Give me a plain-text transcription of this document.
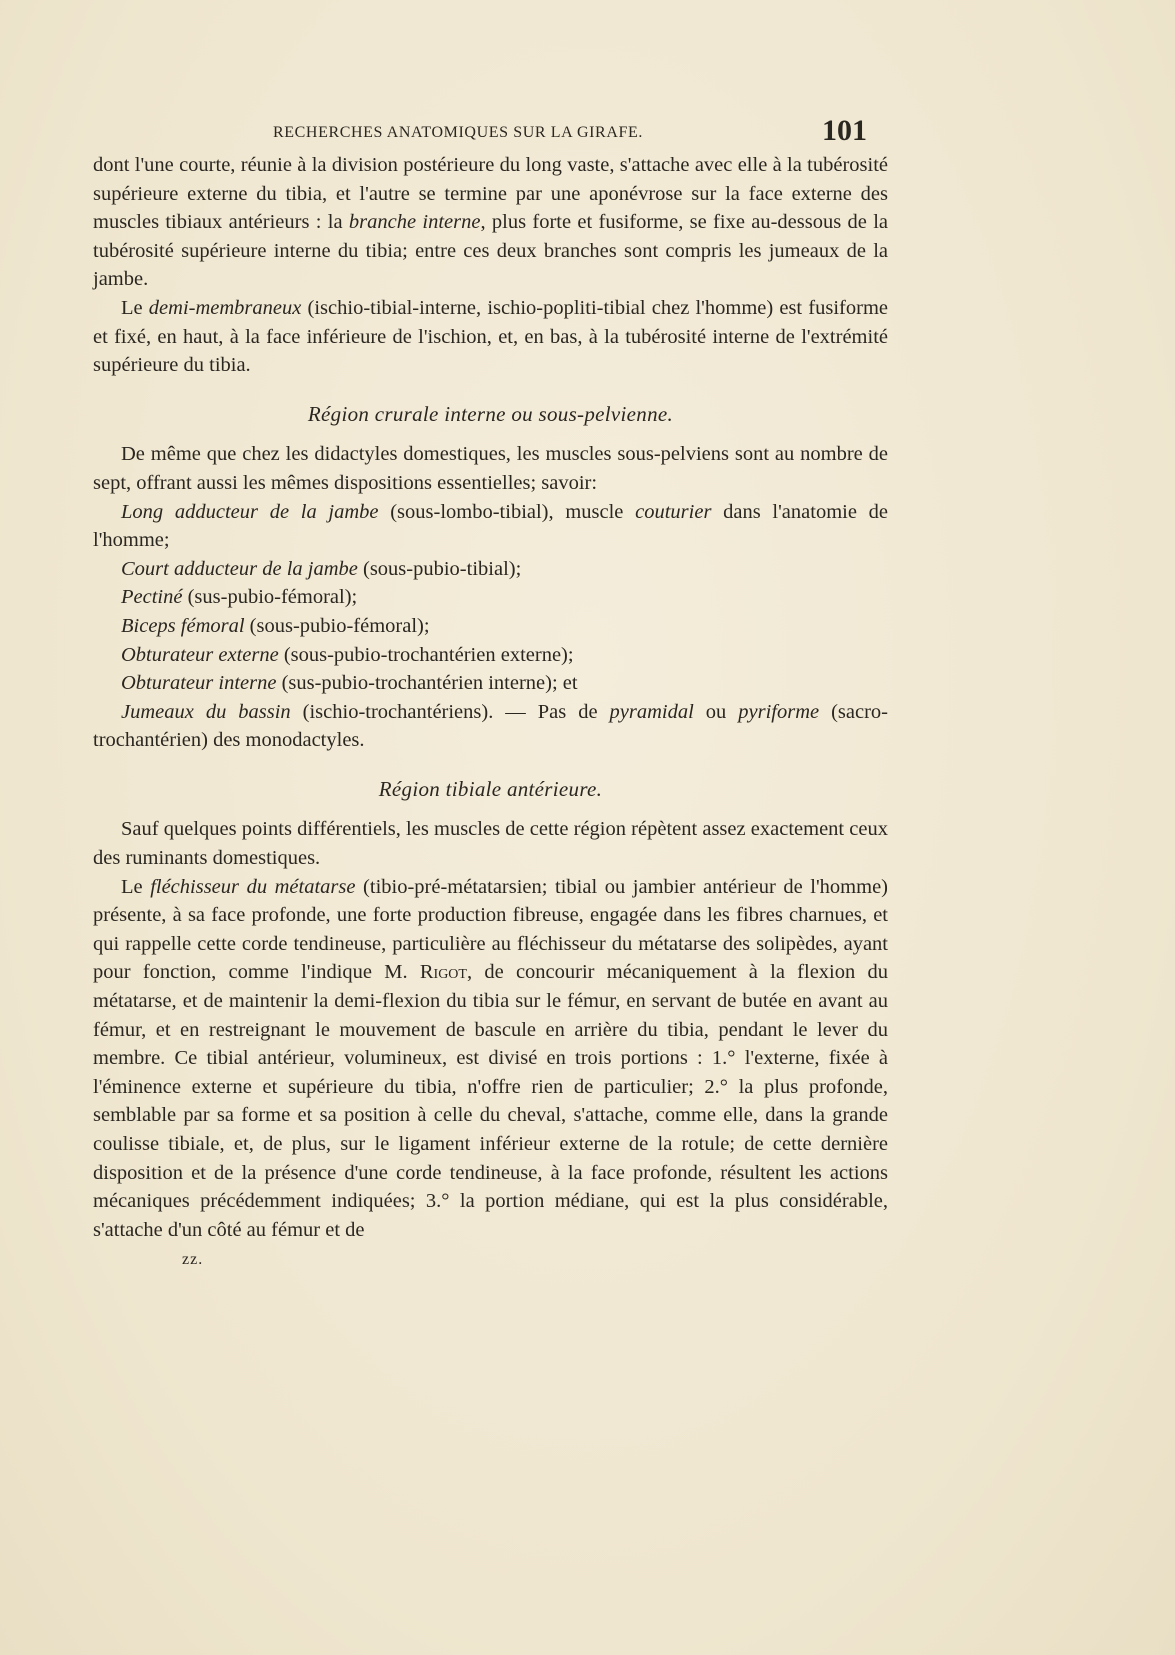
RECHERCHES ANATOMIQUES SUR LA GIRAFE.	101

dont l'une courte, réunie à la division postérieure du long vaste, s'attache avec elle à la tubérosité supérieure externe du tibia, et l'autre se termine par une aponévrose sur la face externe des muscles tibiaux antérieurs : la branche interne, plus forte et fusiforme, se fixe au-dessous de la tubérosité supérieure interne du tibia; entre ces deux branches sont compris les jumeaux de la jambe.

Le demi-membraneux (ischio-tibial-interne, ischio-popliti-tibial chez l'homme) est fusiforme et fixé, en haut, à la face inférieure de l'ischion, et, en bas, à la tubérosité interne de l'extrémité supérieure du tibia.

Région crurale interne ou sous-pelvienne.

De même que chez les didactyles domestiques, les muscles sous-pelviens sont au nombre de sept, offrant aussi les mêmes dispositions essentielles; savoir:

Long adducteur de la jambe (sous-lombo-tibial), muscle couturier dans l'anatomie de l'homme;

Court adducteur de la jambe (sous-pubio-tibial);

Pectiné (sus-pubio-fémoral);

Biceps fémoral (sous-pubio-fémoral);

Obturateur externe (sous-pubio-trochantérien externe);

Obturateur interne (sus-pubio-trochantérien interne); et

Jumeaux du bassin (ischio-trochantériens). — Pas de pyramidal ou pyriforme (sacro-trochantérien) des monodactyles.

Région tibiale antérieure.

Sauf quelques points différentiels, les muscles de cette région répètent assez exactement ceux des ruminants domestiques.

Le fléchisseur du métatarse (tibio-pré-métatarsien; tibial ou jambier antérieur de l'homme) présente, à sa face profonde, une forte production fibreuse, engagée dans les fibres charnues, et qui rappelle cette corde tendineuse, particulière au fléchisseur du métatarse des solipèdes, ayant pour fonction, comme l'indique M. Rigot, de concourir mécaniquement à la flexion du métatarse, et de maintenir la demi-flexion du tibia sur le fémur, en servant de butée en avant au fémur, et en restreignant le mouvement de bascule en arrière du tibia, pendant le lever du membre. Ce tibial antérieur, volumineux, est divisé en trois portions : 1.° l'externe, fixée à l'éminence externe et supérieure du tibia, n'offre rien de particulier; 2.° la plus profonde, semblable par sa forme et sa position à celle du cheval, s'attache, comme elle, dans la grande coulisse tibiale, et, de plus, sur le ligament inférieur externe de la rotule; de cette dernière disposition et de la présence d'une corde tendineuse, à la face profonde, résultent les actions mécaniques précédemment indiquées; 3.° la portion médiane, qui est la plus considérable, s'attache d'un côté au fémur et de

zz.
